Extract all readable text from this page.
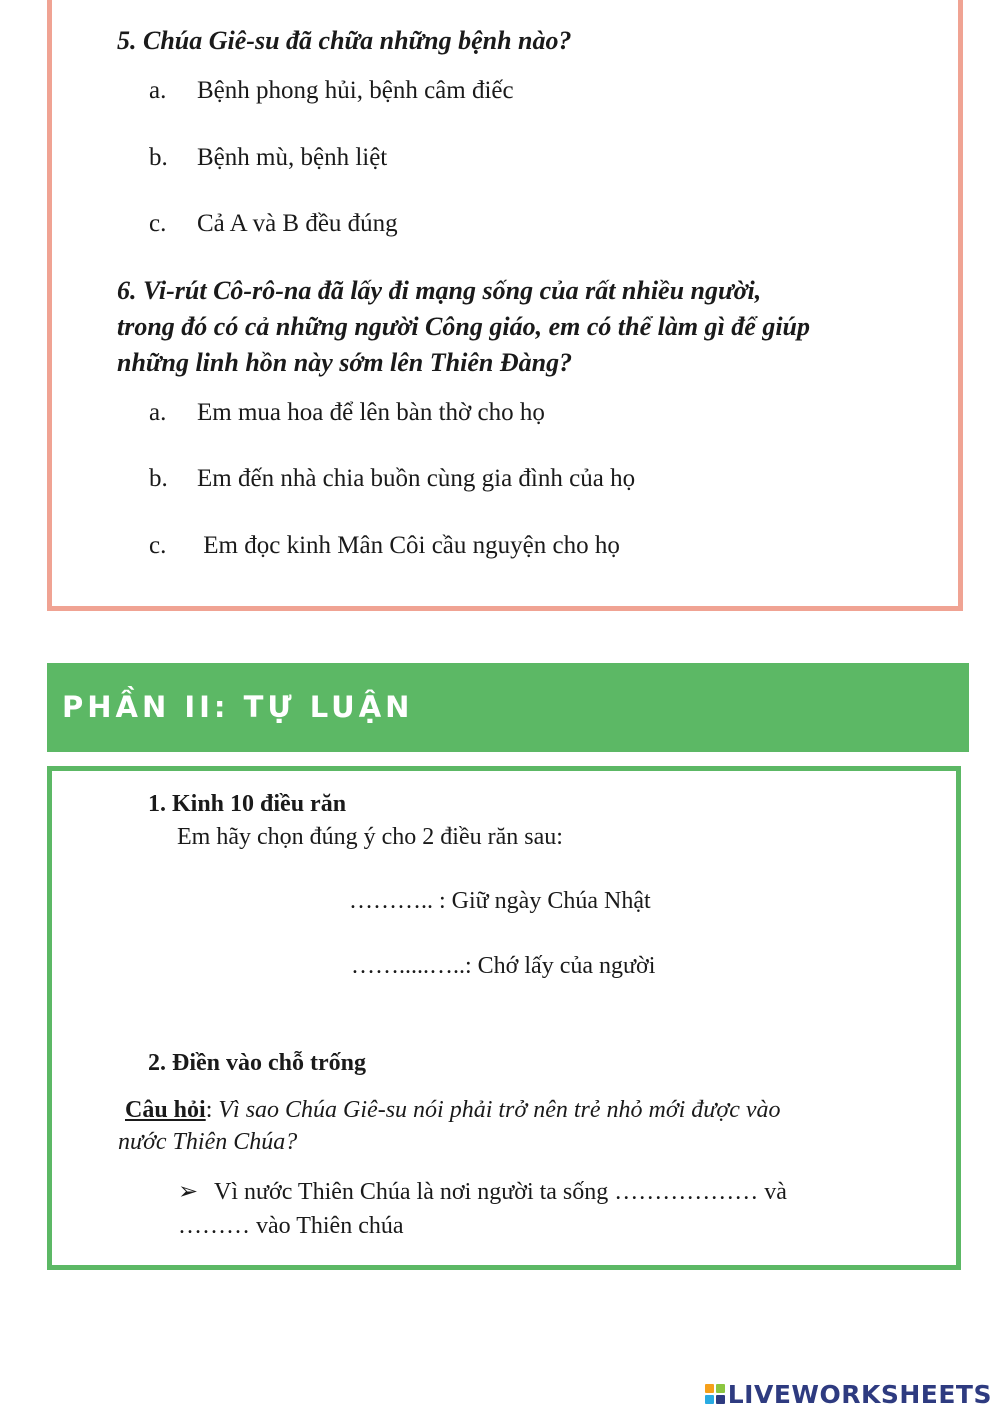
5. Chúa Giê-su đã chữa những bệnh nào?

a. Bệnh phong hủi, bệnh câm điếc
b. Bệnh mù, bệnh liệt
c. Cả A và B đều đúng

6. Vi-rút Cô-rô-na đã lấy đi mạng sống của rất nhiều người,

trong đó có cả những người Công giáo, em có thể làm gì để giúp

những linh hồn này sớm lên Thiên Đàng?

a. Em mua hoa để lên bàn thờ cho họ
b. Em đến nhà chia buồn cùng gia đình của họ
c. Em đọc kinh Mân Côi cầu nguyện cho họ
PHẦN II: TỰ LUẬN
1. Kinh 10 điều răn
Em hãy chọn đúng ý cho 2 điều răn sau:
……….. : Giữ ngày Chúa Nhật
…….....…..: Chớ lấy của người
2. Điền vào chỗ trống
Câu hỏi: Vì sao Chúa Giê-su nói phải trở nên trẻ nhỏ mới được vào
nước Thiên Chúa?
➢ Vì nước Thiên Chúa là nơi người ta sống ……………… và
……… vào Thiên chúa
LIVEWORKSHEETS
